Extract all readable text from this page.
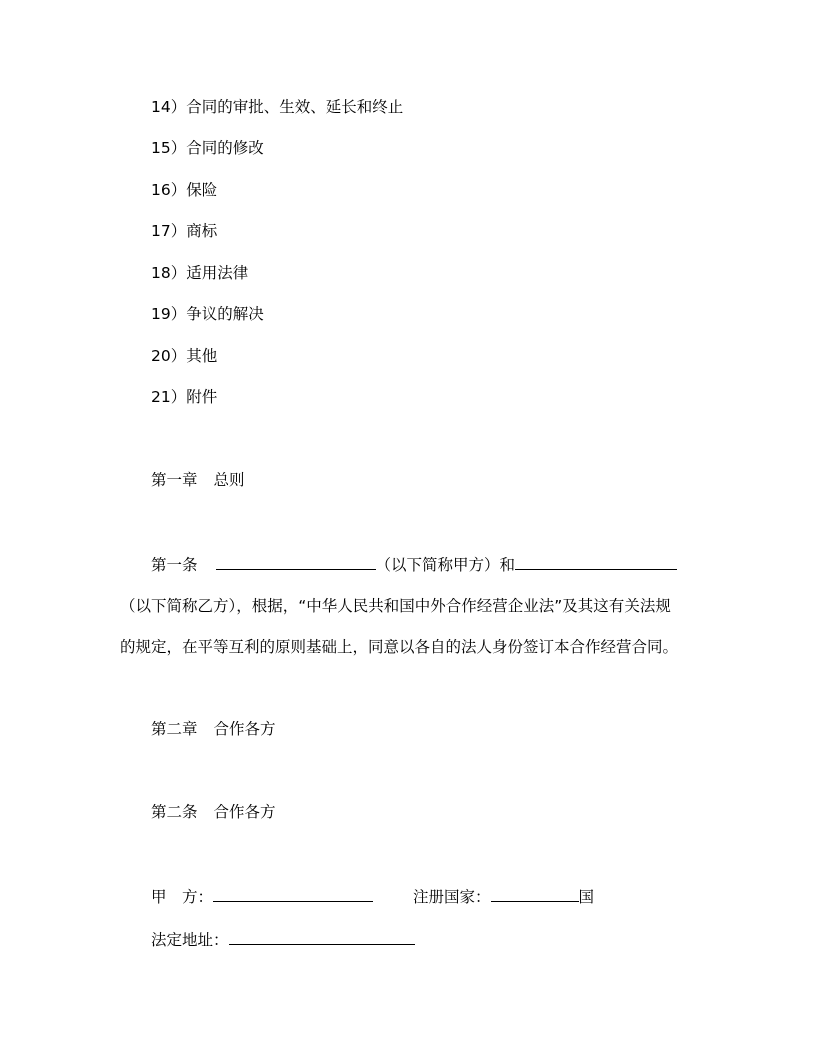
14）合同的审批、生效、延长和终止
15）合同的修改
16）保险
17）商标
18）适用法律
19）争议的解决
20）其他
21）附件
第一章 总则
第一条	（以下简称甲方）和
（以下简称乙方），根据，“中华人民共和国中外合作经营企业法”及其这有关法规
的规定，在平等互利的原则基础上，同意以各自的法人身份签订本合作经营合同。
第二章 合作各方
第二条 合作各方
甲　方：	注册国家：	国
法定地址：
